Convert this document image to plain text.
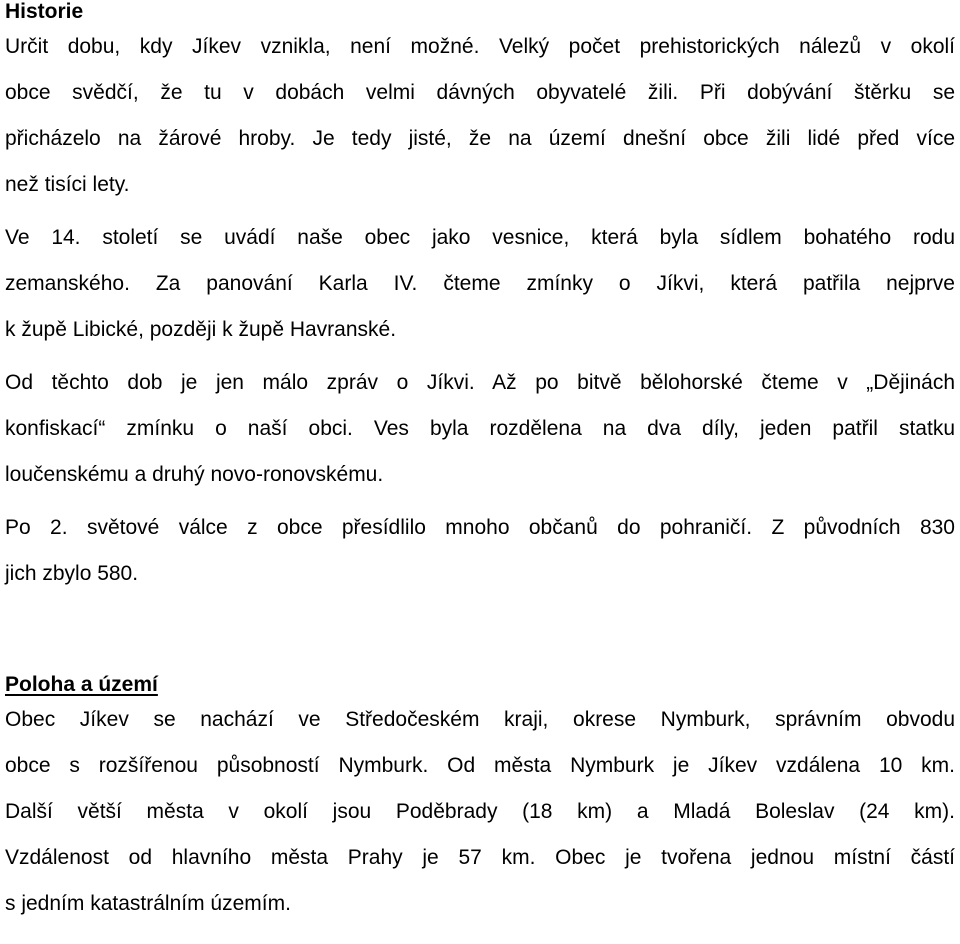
Historie
Určit dobu, kdy Jíkev vznikla, není možné. Velký počet prehistorických nálezů v okolí
obce svědčí, že tu v dobách velmi dávných obyvatelé žili. Při dobývání štěrku se
přicházelo na žárové hroby. Je tedy jisté, že na území dnešní obce žili lidé před více
než tisíci lety.
Ve 14. století se uvádí naše obec jako vesnice, která byla sídlem bohatého rodu
zemanského. Za panování Karla IV. čteme zmínky o Jíkvi, která patřila nejprve
k župě Libické, později k župě Havranské.
Od těchto dob je jen málo zpráv o Jíkvi. Až po bitvě bělohorské čteme v „Dějinách
konfiskací“ zmínku o naší obci. Ves byla rozdělena na dva díly, jeden patřil statku
loučenskému a druhý novo-ronovskému.
Po 2. světové válce z obce přesídlilo mnoho občanů do pohraničí. Z původních 830
jich zbylo 580.
Poloha a území
Obec Jíkev se nachází ve Středočeském kraji, okrese Nymburk, správním obvodu
obce s rozšířenou působností Nymburk. Od města Nymburk je Jíkev vzdálena 10 km.
Další větší města v okolí jsou Poděbrady (18 km) a Mladá Boleslav (24 km).
Vzdálenost od hlavního města Prahy je 57 km. Obec je tvořena jednou místní částí
s jedním katastrálním územím.
